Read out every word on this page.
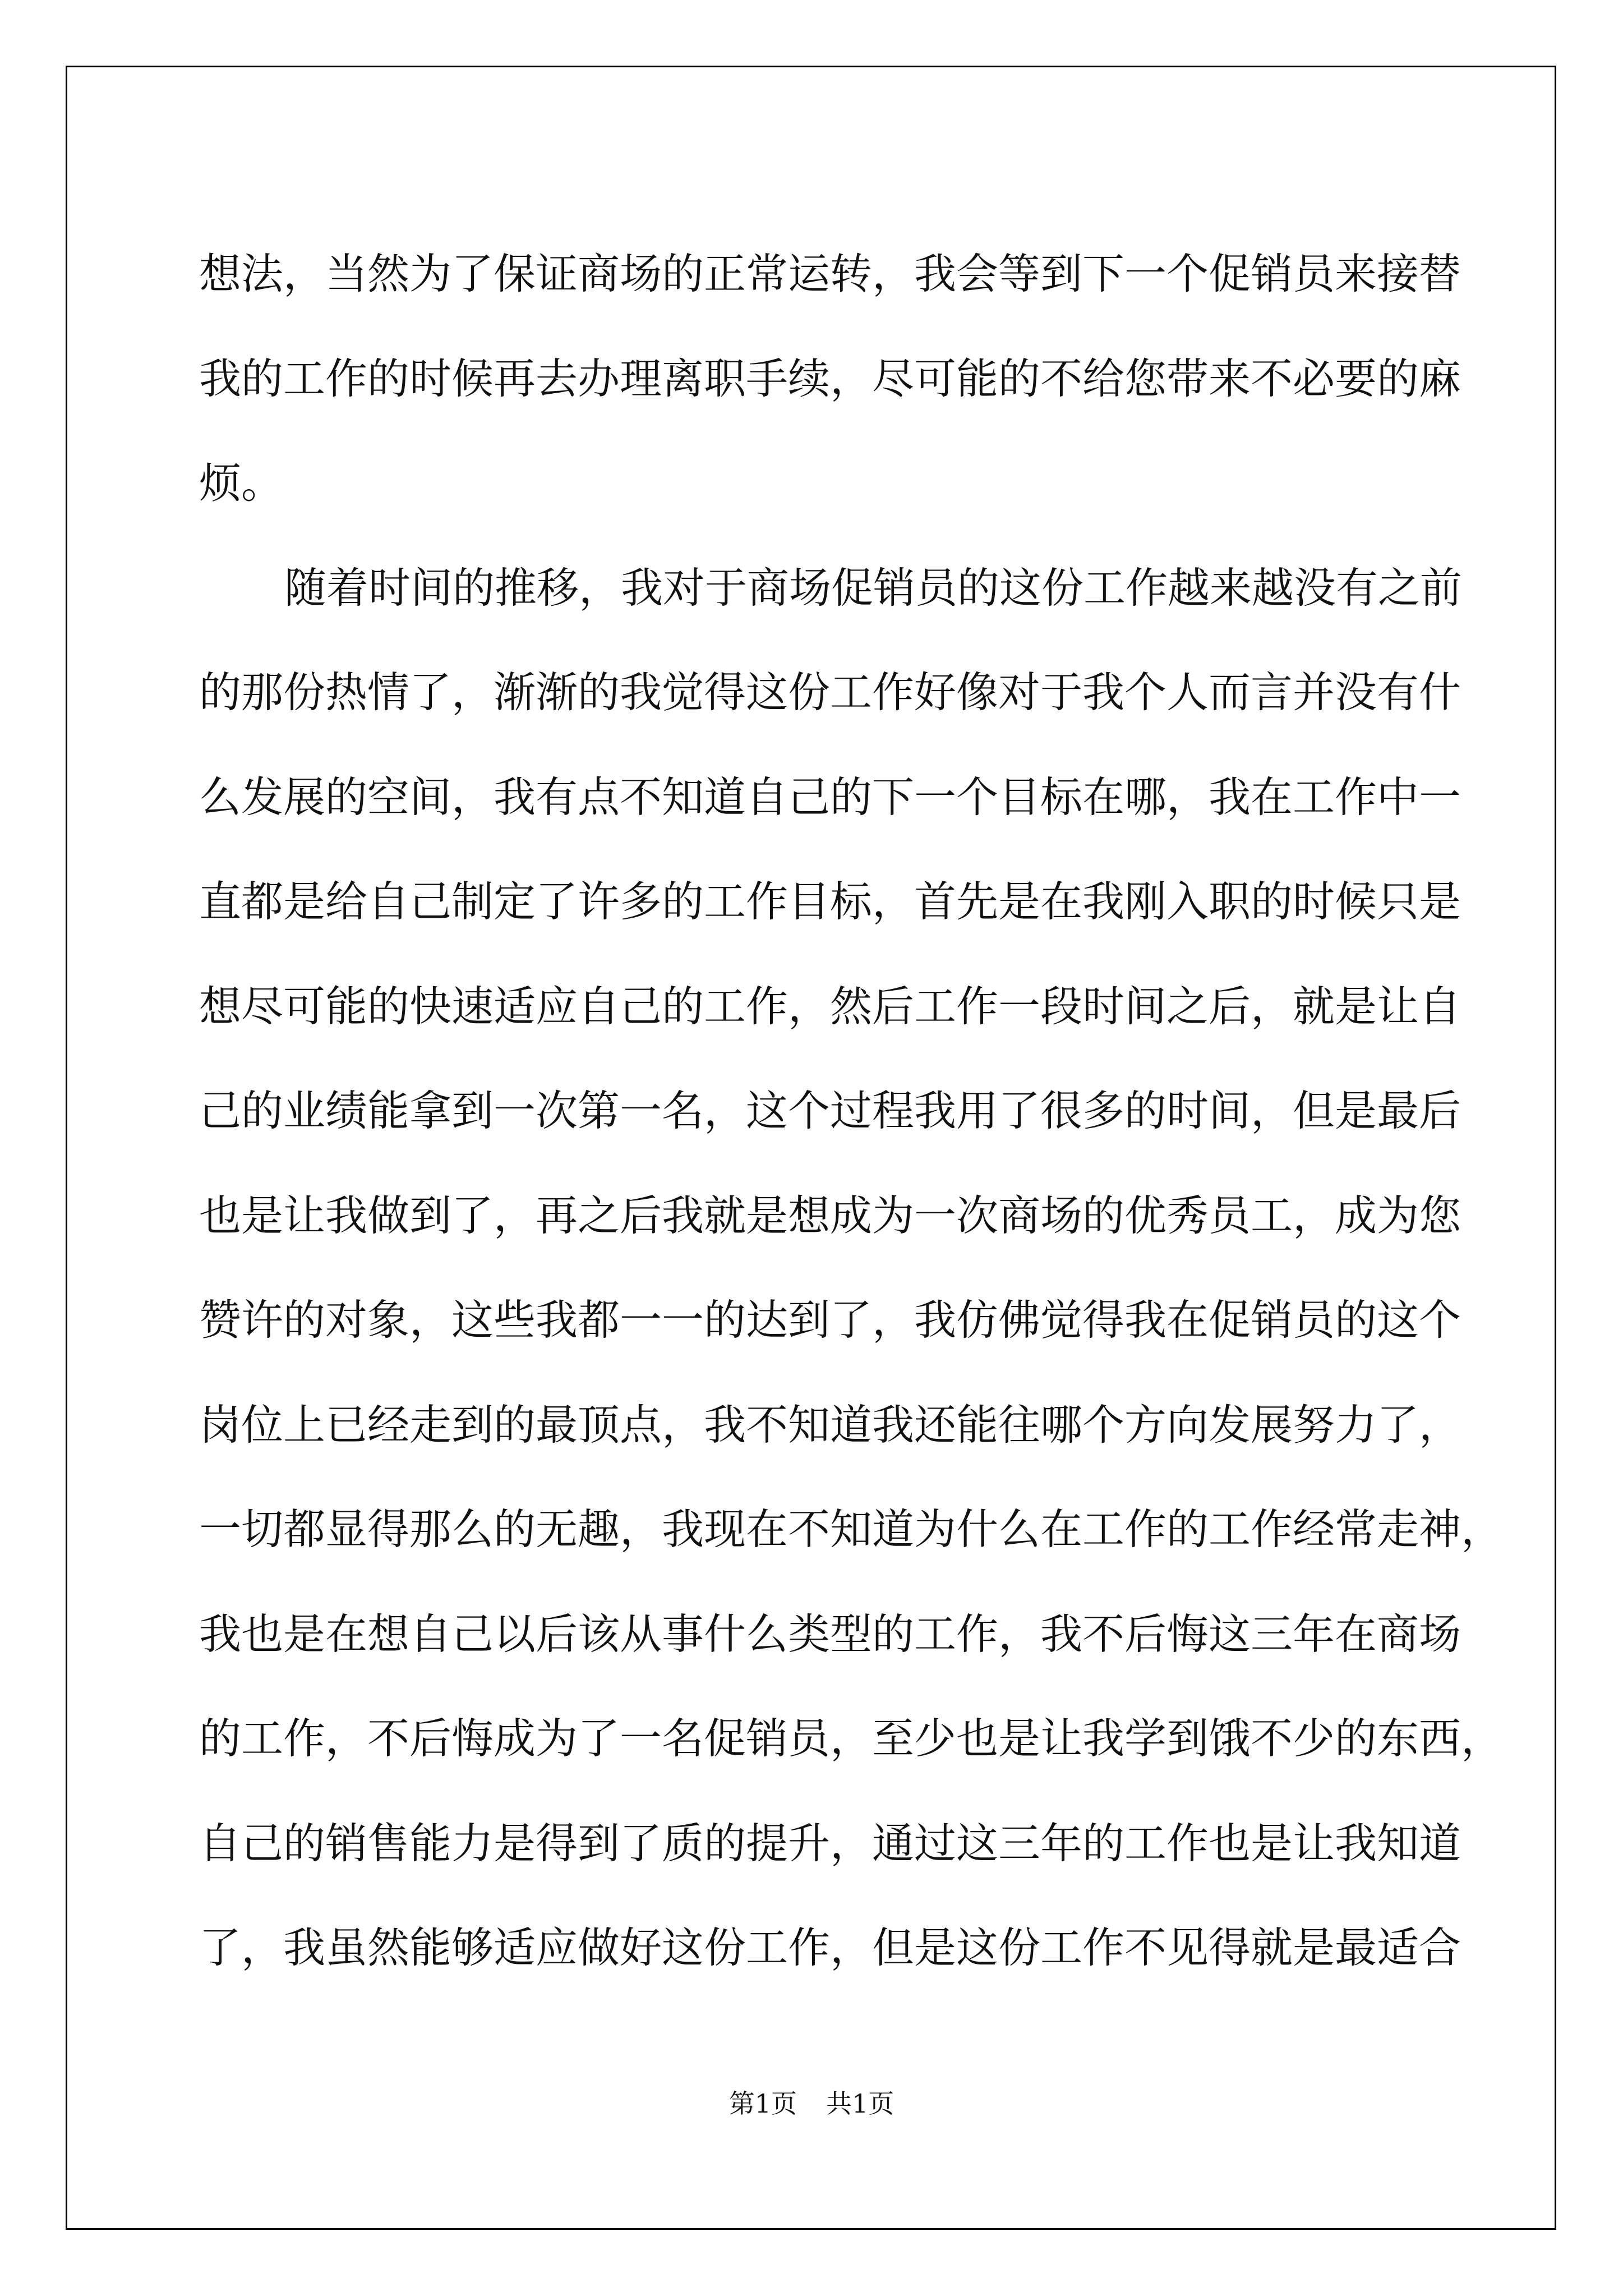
想法，当然为了保证商场的正常运转，我会等到下一个促销员来接替
我的工作的时候再去办理离职手续，尽可能的不给您带来不必要的麻
烦。
随着时间的推移，我对于商场促销员的这份工作越来越没有之前
的那份热情了，渐渐的我觉得这份工作好像对于我个人而言并没有什
么发展的空间，我有点不知道自己的下一个目标在哪，我在工作中一
直都是给自己制定了许多的工作目标，首先是在我刚入职的时候只是
想尽可能的快速适应自己的工作，然后工作一段时间之后，就是让自
己的业绩能拿到一次第一名，这个过程我用了很多的时间，但是最后
也是让我做到了，再之后我就是想成为一次商场的优秀员工，成为您
赞许的对象，这些我都一一的达到了，我仿佛觉得我在促销员的这个
岗位上已经走到的最顶点，我不知道我还能往哪个方向发展努力了，
一切都显得那么的无趣，我现在不知道为什么在工作的工作经常走神，
我也是在想自己以后该从事什么类型的工作，我不后悔这三年在商场
的工作，不后悔成为了一名促销员，至少也是让我学到饿不少的东西，
自己的销售能力是得到了质的提升，通过这三年的工作也是让我知道
了，我虽然能够适应做好这份工作，但是这份工作不见得就是最适合
第1页 共1页
